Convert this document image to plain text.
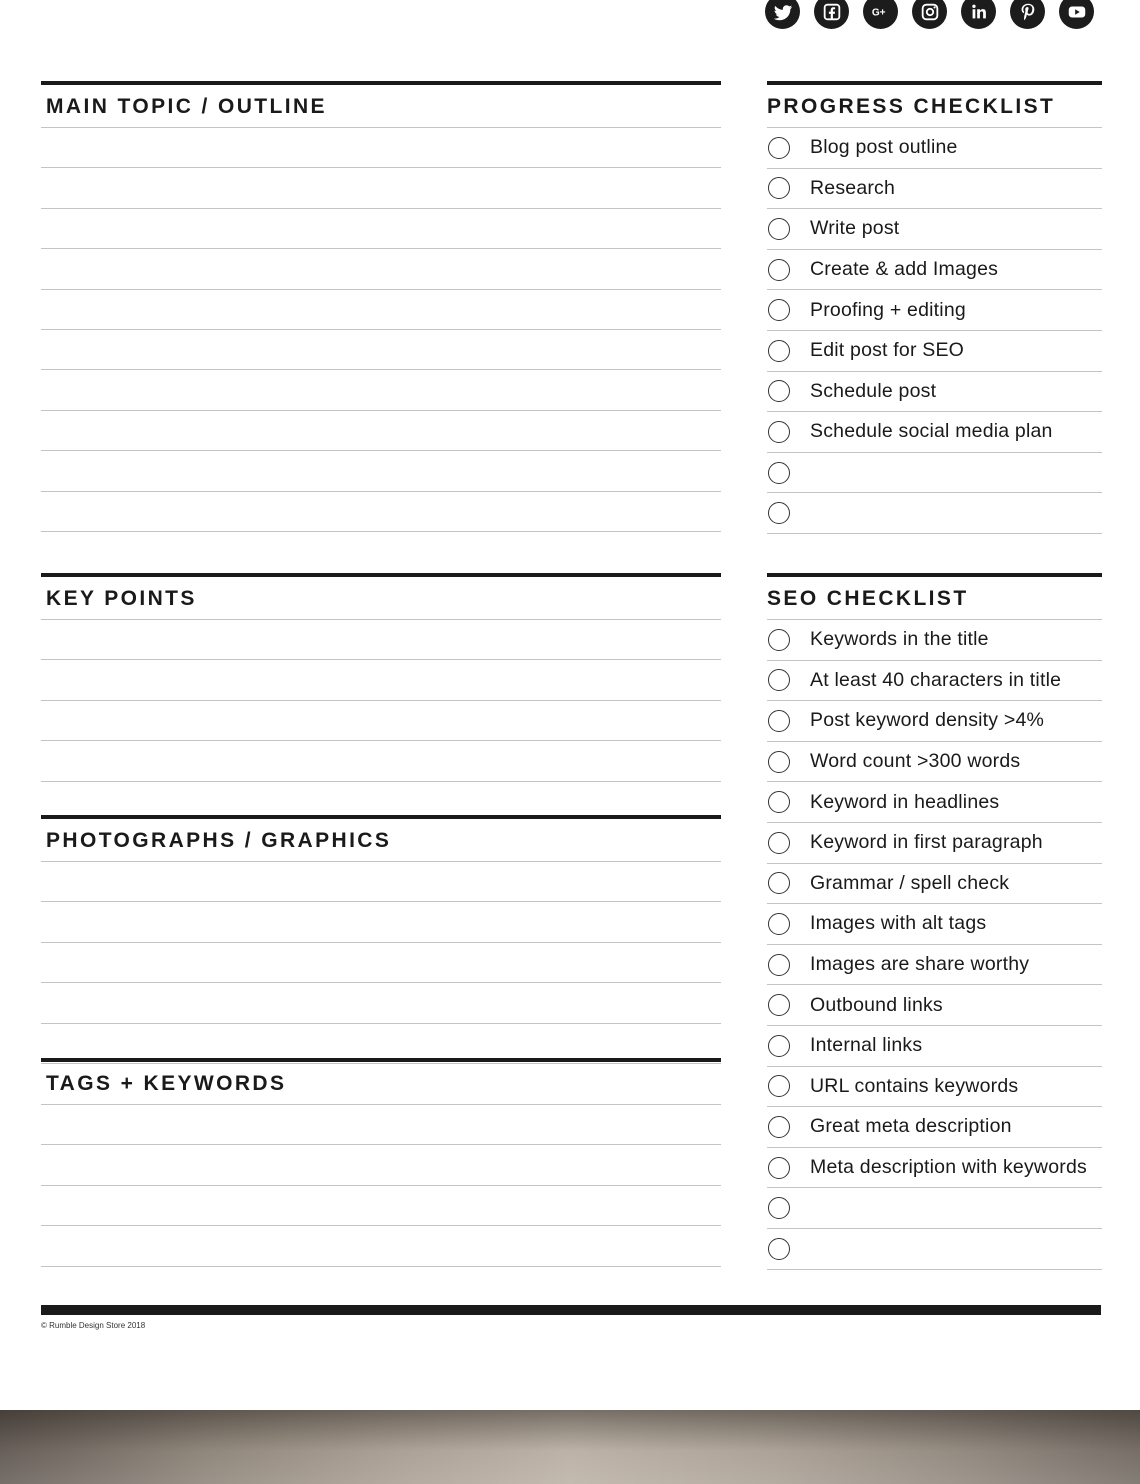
G+
MAIN TOPIC / OUTLINE
KEY POINTS
PHOTOGRAPHS / GRAPHICS
TAGS + KEYWORDS
PROGRESS CHECKLIST
Blog post outline
Research
Write post
Create & add Images
Proofing + editing
Edit post for SEO
Schedule post
Schedule social media plan
SEO CHECKLIST
Keywords in the title
At least 40 characters in title
Post keyword density >4%
Word count >300 words
Keyword in headlines
Keyword in first paragraph
Grammar / spell check
Images with alt tags
Images are share worthy
Outbound links
Internal links
URL contains keywords
Great meta description
Meta description with keywords
© Rumble Design Store 2018
